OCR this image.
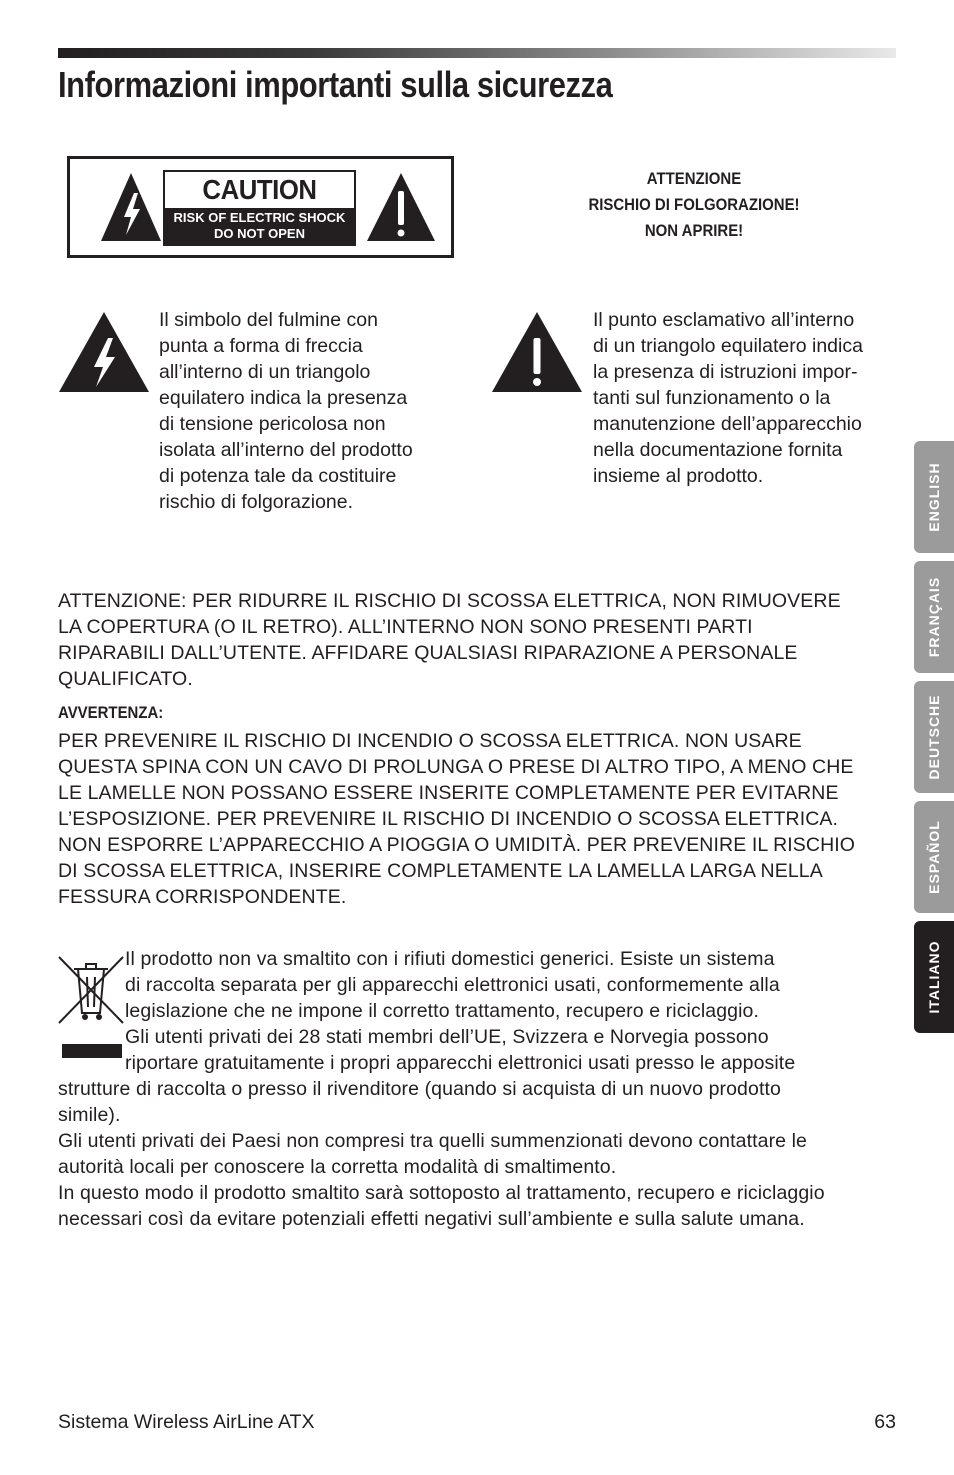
Informazioni importanti sulla sicurezza
CAUTION
RISK OF ELECTRIC SHOCK
DO NOT OPEN
ATTENZIONE
RISCHIO DI FOLGORAZIONE!
NON APRIRE!

Il simbolo del fulmine con
punta a forma di freccia
all’interno di un triangolo
equilatero indica la presenza
di tensione pericolosa non
isolata all’interno del prodotto
di potenza tale da costituire
rischio di folgorazione.

Il punto esclamativo all’interno
di un triangolo equilatero indica
la presenza di istruzioni impor-
tanti sul funzionamento o la
manutenzione dell’apparecchio
nella documentazione fornita
insieme al prodotto.

ATTENZIONE: PER RIDURRE IL RISCHIO DI SCOSSA ELETTRICA, NON RIMUOVERE
LA COPERTURA (O IL RETRO). ALL’INTERNO NON SONO PRESENTI PARTI
RIPARABILI DALL’UTENTE. AFFIDARE QUALSIASI RIPARAZIONE A PERSONALE
QUALIFICATO.

AVVERTENZA:

PER PREVENIRE IL RISCHIO DI INCENDIO O SCOSSA ELETTRICA. NON USARE
QUESTA SPINA CON UN CAVO DI PROLUNGA O PRESE DI ALTRO TIPO, A MENO CHE
LE LAMELLE NON POSSANO ESSERE INSERITE COMPLETAMENTE PER EVITARNE
L’ESPOSIZIONE. PER PREVENIRE IL RISCHIO DI INCENDIO O SCOSSA ELETTRICA.
NON ESPORRE L’APPARECCHIO A PIOGGIA O UMIDITÀ. PER PREVENIRE IL RISCHIO
DI SCOSSA ELETTRICA, INSERIRE COMPLETAMENTE LA LAMELLA LARGA NELLA
FESSURA CORRISPONDENTE.

Il prodotto non va smaltito con i rifiuti domestici generici. Esiste un sistema
di raccolta separata per gli apparecchi elettronici usati, conformemente alla
legislazione che ne impone il corretto trattamento, recupero e riciclaggio.
Gli utenti privati dei 28 stati membri dell’UE, Svizzera e Norvegia possono
riportare gratuitamente i propri apparecchi elettronici usati presso le apposite

strutture di raccolta o presso il rivenditore (quando si acquista di un nuovo prodotto
simile).
Gli utenti privati dei Paesi non compresi tra quelli summenzionati devono contattare le
autorità locali per conoscere la corretta modalità di smaltimento.
In questo modo il prodotto smaltito sarà sottoposto al trattamento, recupero e riciclaggio
necessari così da evitare potenziali effetti negativi sull’ambiente e sulla salute umana.

Sistema Wireless AirLine ATX	63
ENGLISH
FRANÇAIS
DEUTSCHE
ESPAÑOL
ITALIANO
